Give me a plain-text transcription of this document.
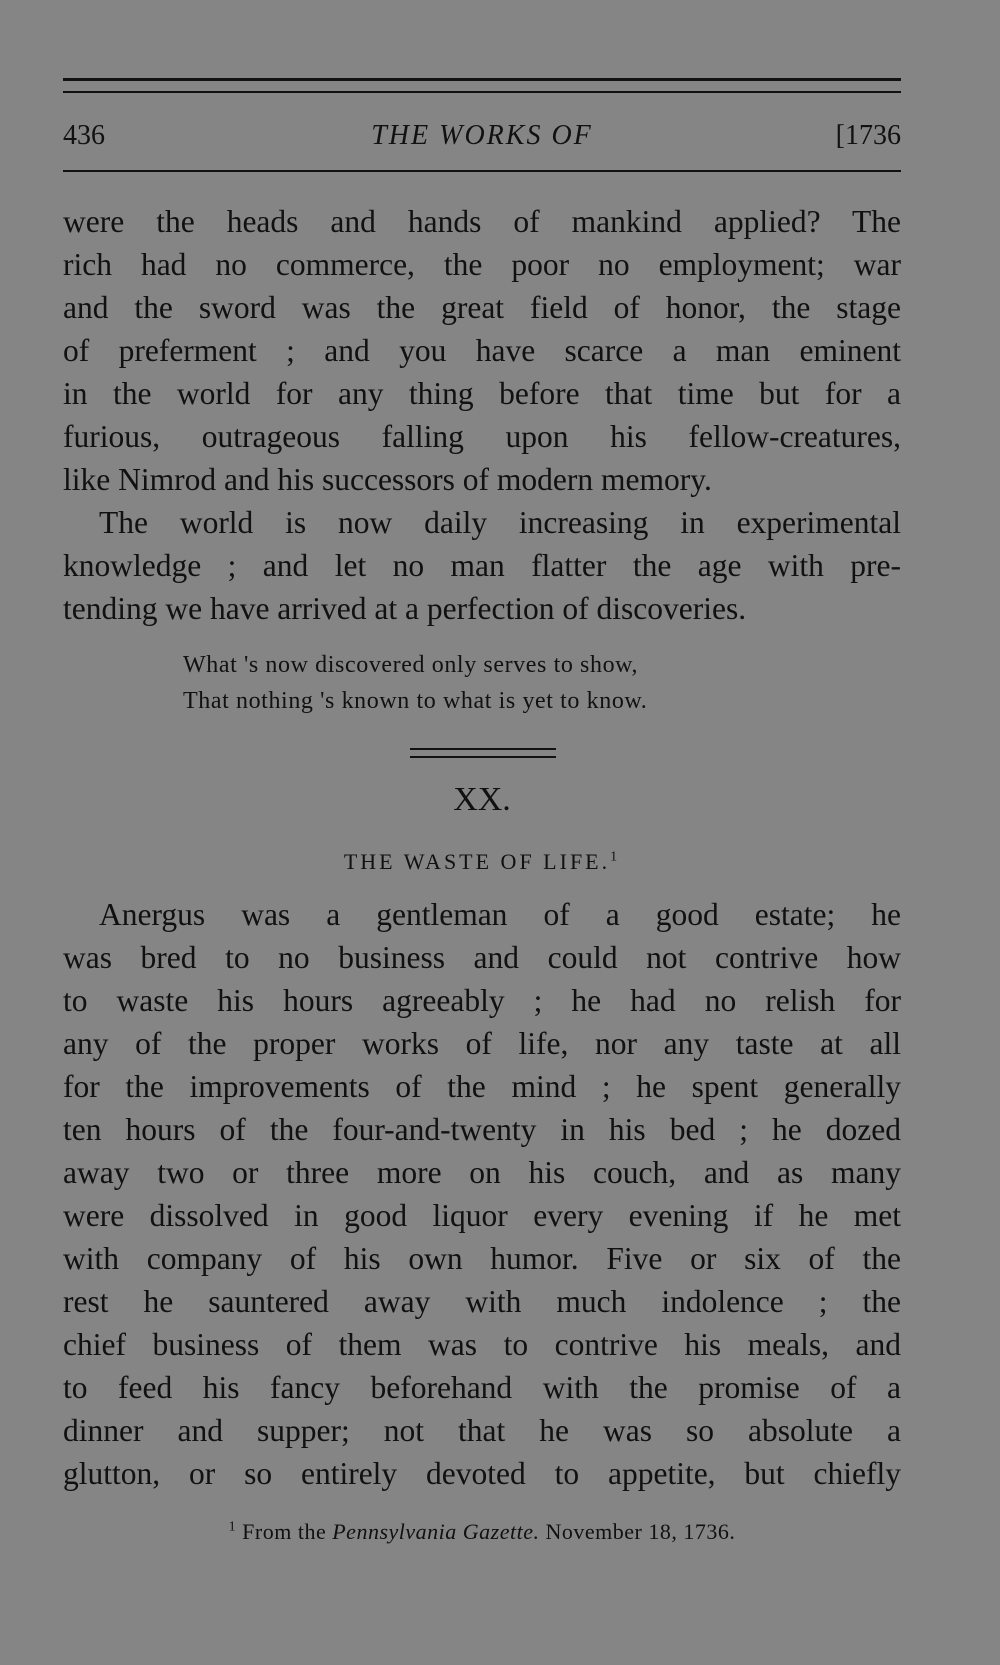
436	THE WORKS OF	[1736
were the heads and hands of mankind applied? The
rich had no commerce, the poor no employment; war
and the sword was the great field of honor, the stage
of preferment ; and you have scarce a man eminent
in the world for any thing before that time but for a
furious, outrageous falling upon his fellow-creatures,
like Nimrod and his successors of modern memory.
The world is now daily increasing in experimental
knowledge ; and let no man flatter the age with pre-
tending we have arrived at a perfection of discoveries.
What 's now discovered only serves to show,
That nothing 's known to what is yet to know.
XX.
THE WASTE OF LIFE.$^1$
Anergus was a gentleman of a good estate; he
was bred to no business and could not contrive how
to waste his hours agreeably ; he had no relish for
any of the proper works of life, nor any taste at all
for the improvements of the mind ; he spent generally
ten hours of the four-and-twenty in his bed ; he dozed
away two or three more on his couch, and as many
were dissolved in good liquor every evening if he met
with company of his own humor. Five or six of the
rest he sauntered away with much indolence ; the
chief business of them was to contrive his meals, and
to feed his fancy beforehand with the promise of a
dinner and supper; not that he was so absolute a
glutton, or so entirely devoted to appetite, but chiefly
$^1$ From the Pennsylvania Gazette. November 18, 1736.
